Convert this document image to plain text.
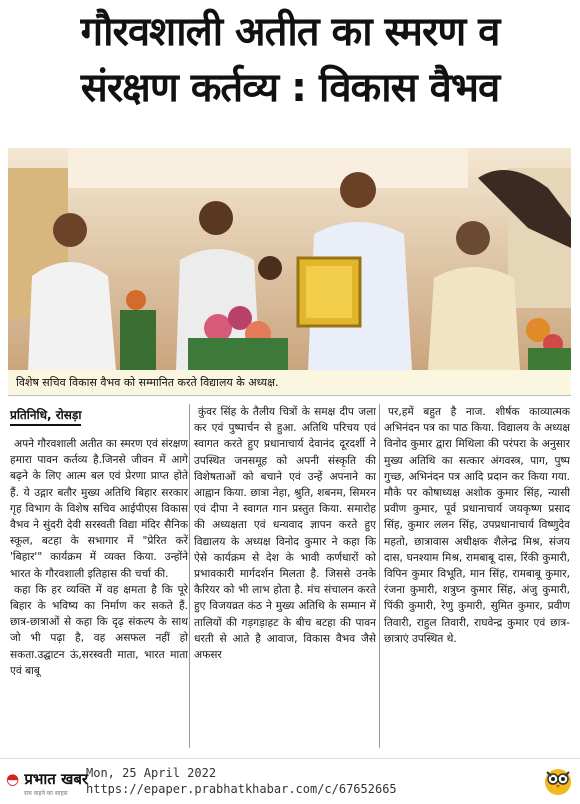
गौरवशाली अतीत का स्मरण व
संरक्षण कर्तव्य : विकास वैभव
विशेष सचिव विकास वैभव को सम्मानित करते विद्यालय के अध्यक्ष.
प्रतिनिधि, रोसड़ा

अपने गौरवशाली अतीत का स्मरण एवं संरक्षण हमारा पावन कर्तव्य है.जिनसे जीवन में आगे बढ़ने के लिए आत्म बल एवं प्रेरणा प्राप्त होते हैं. ये उद्गार बतौर मुख्य अतिथि बिहार सरकार गृह विभाग के विशेष सचिव आईपीएस विकास वैभव ने सुंदरी देवी सरस्वती विद्या मंदिर सैनिक स्कूल, बटहा के सभागार में "प्रेरित करें 'बिहार'" कार्यक्रम में व्यक्त किया. उन्होंने भारत के गौरवशाली इतिहास की चर्चा की.

कहा कि हर व्यक्ति में वह क्षमता है कि पूरे बिहार के भविष्य का निर्माण कर सकते हैं. छात्र-छात्राओं से कहा कि दृढ़ संकल्प के साथ जो भी पढ़ा है, वह असफल नहीं हो सकता.उद्घाटन ऊं,सरस्वती माता, भारत माता एवं बाबू

कुंवर सिंह के तैलीय चित्रों के समक्ष दीप जला कर एवं पुष्पार्चन से हुआ. अतिथि परिचय एवं स्वागत करते हुए प्रधानाचार्य देवानंद दूरदर्शी ने उपस्थित जनसमूह को अपनी संस्कृति की विशेषताओं को बचाने एवं उन्हें अपनाने का आह्वान किया. छात्रा नेहा, श्रुति, शबनम, सिमरन एवं दीपा ने स्वागत गान प्रस्तुत किया. समारोह की अध्यक्षता एवं धन्यवाद ज्ञापन करते हुए विद्यालय के अध्यक्ष विनोद कुमार ने कहा कि ऐसे कार्यक्रम से देश के भावी कर्णधारों को प्रभावकारी मार्गदर्शन मिलता है. जिससे उनके कैरियर को भी लाभ होता है. मंच संचालन करते हुए विजयव्रत कंठ ने मुख्य अतिथि के सम्मान में तालियों की गड़गड़ाहट के बीच बटहा की पावन धरती से आते है आवाज, विकास वैभव जैसे अफसर

पर,हमें बहुत है नाज. शीर्षक काव्यात्मक अभिनंदन पत्र का पाठ किया. विद्यालय के अध्यक्ष विनोद कुमार द्वारा मिथिला की परंपरा के अनुसार मुख्य अतिथि का सत्कार अंगवस्त्र, पाग, पुष्प गुच्छ, अभिनंदन पत्र आदि प्रदान कर किया गया. मौके पर कोषाध्यक्ष अशोक कुमार सिंह, न्यासी प्रवीण कुमार, पूर्व प्रधानाचार्य जयकृष्ण प्रसाद सिंह, कुमार ललन सिंह, उपप्रधानाचार्य विष्णुदेव महतो, छात्रावास अधीक्षक शैलेन्द्र मिश्र, संजय दास, घनश्याम मिश्र, रामबाबू दास, रिंकी कुमारी, विपिन कुमार विभूति, मान सिंह, रामबाबू कुमार, रंजना कुमारी, शत्रुघ्न कुमार सिंह, अंजु कुमारी, पिंकी कुमारी, रेणु कुमारी, सुमित कुमार, प्रवीण तिवारी, राहुल तिवारी, राघवेन्द्र कुमार एवं छात्र-छात्राएं उपस्थित थे.

◓ प्रभात खबर
सच कहने का साहस
Mon, 25 April 2022
https://epaper.prabhatkhabar.com/c/67652665
